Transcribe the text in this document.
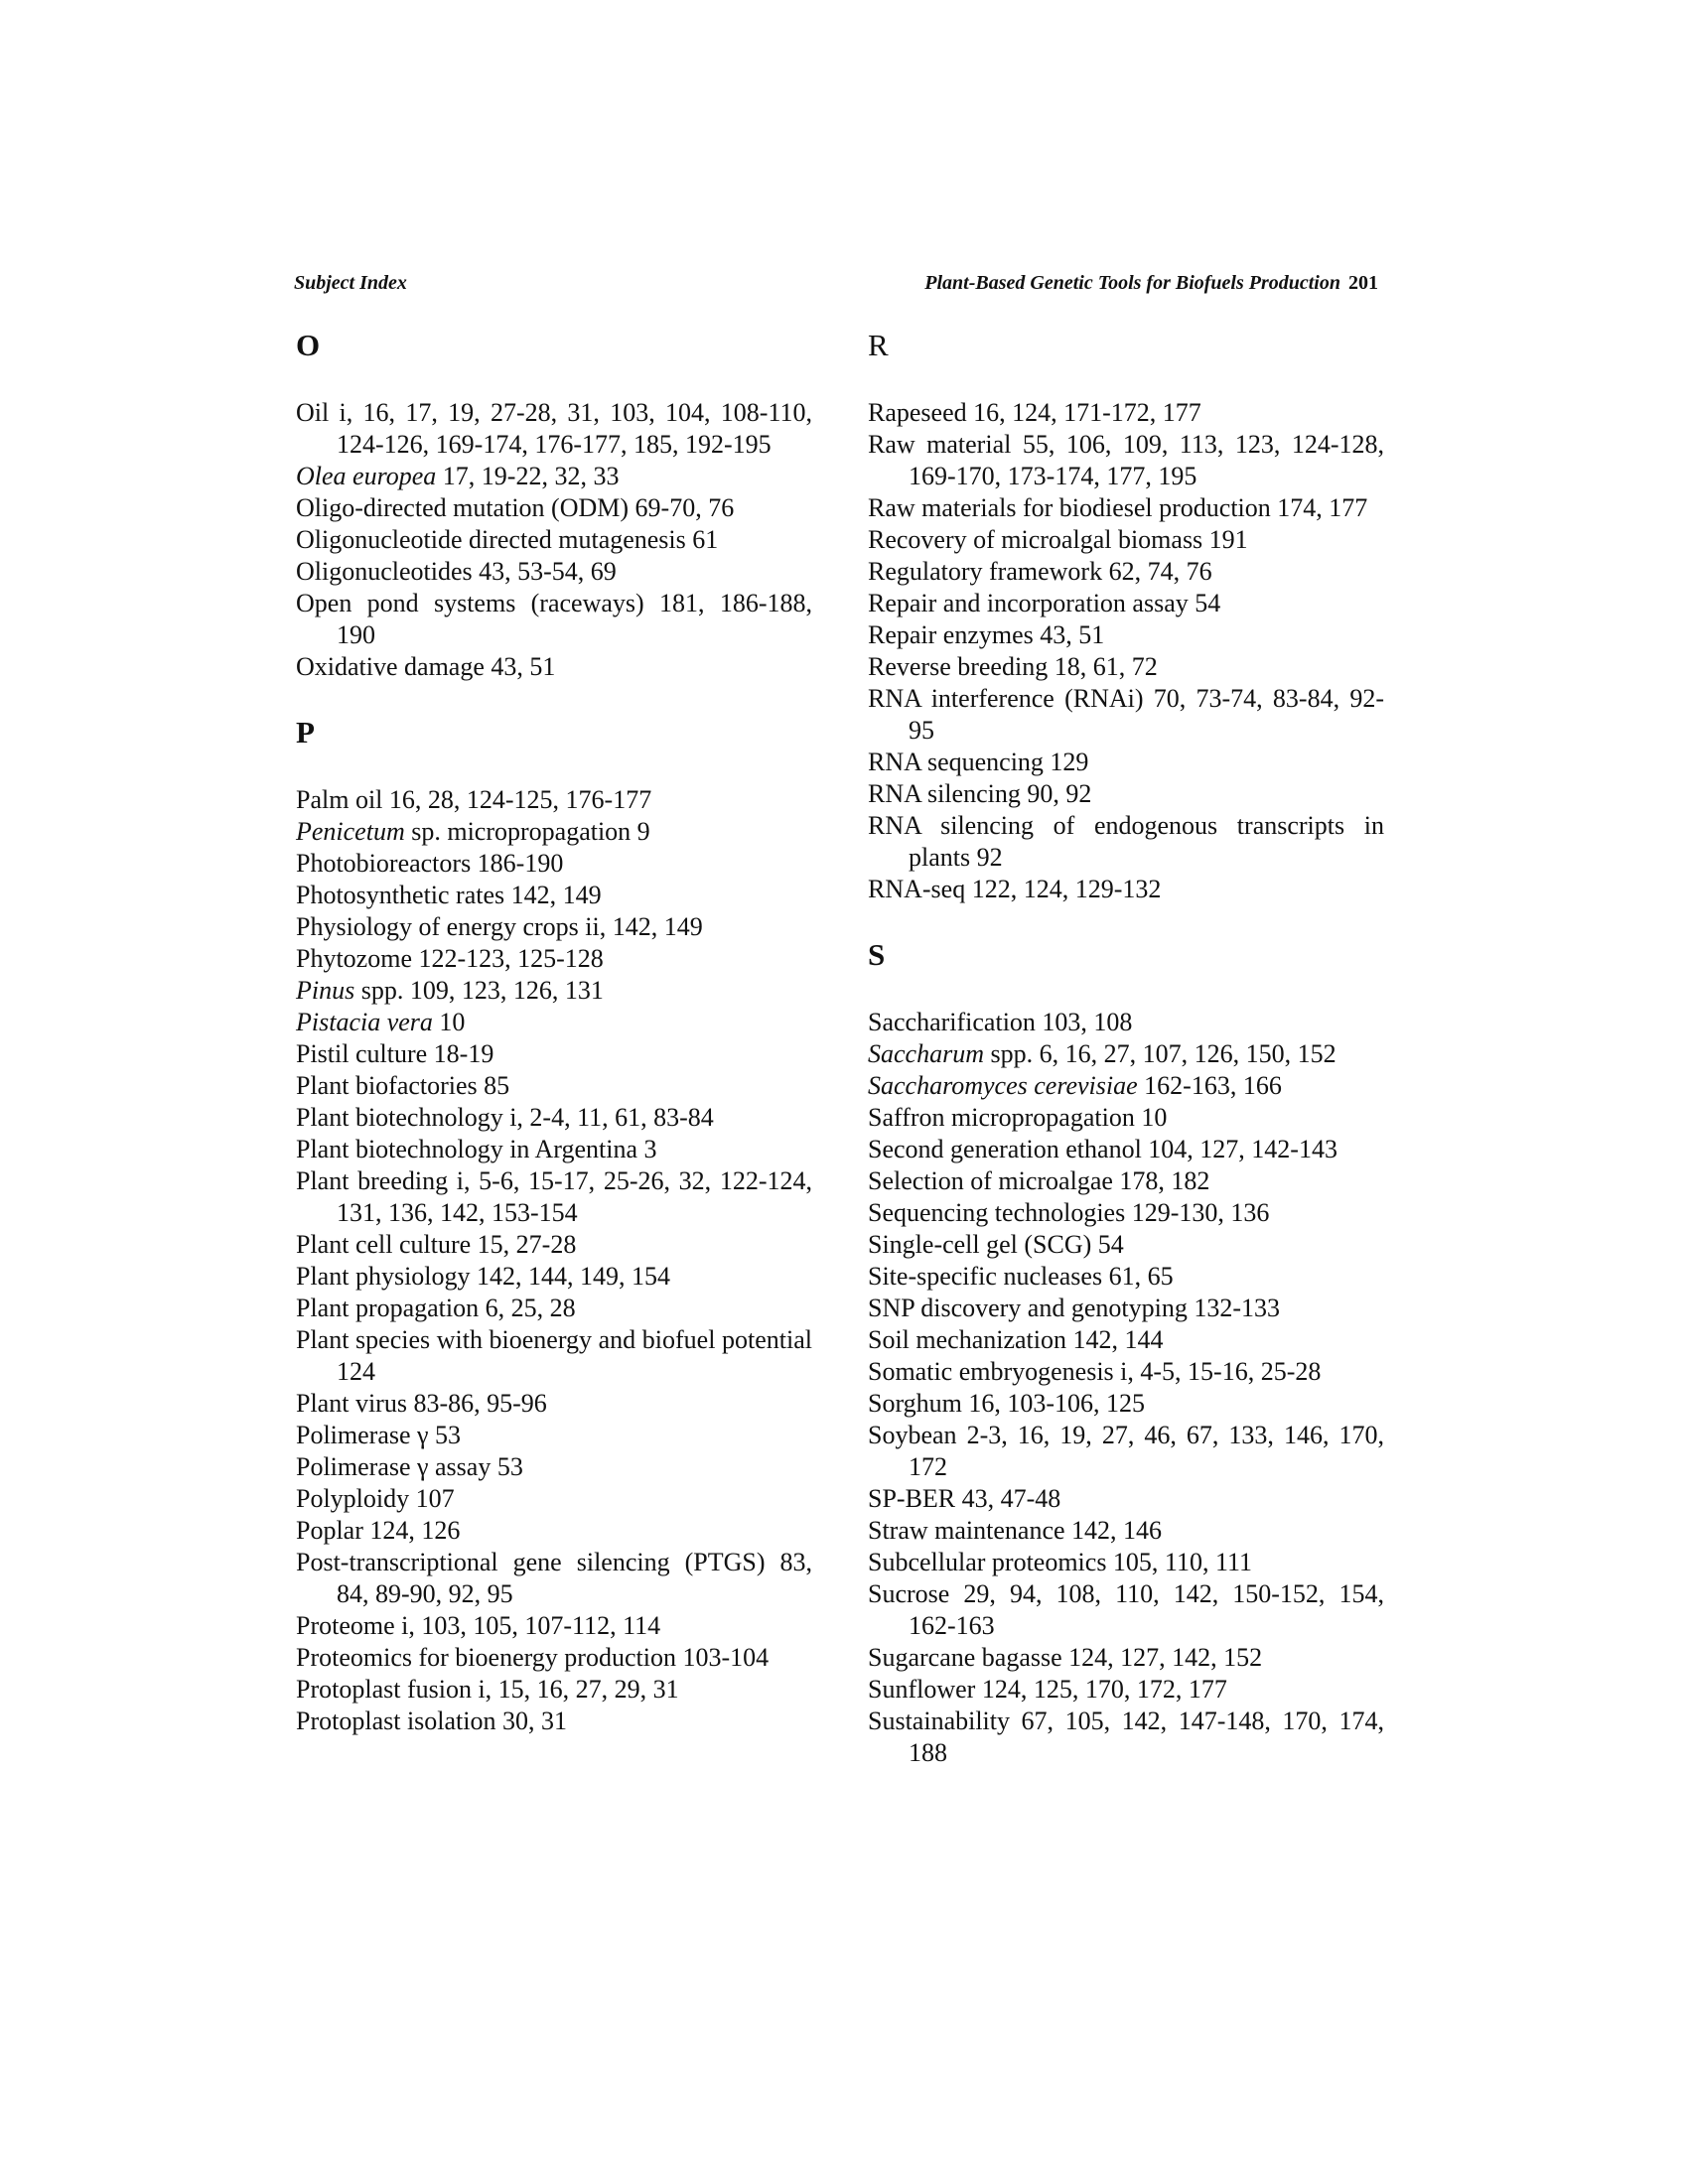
Subject Index	Plant-Based Genetic Tools for Biofuels Production 201
O

Oil i, 16, 17, 19, 27-28, 31, 103, 104, 108-110, 124-126, 169-174, 176-177, 185, 192-195

Olea europea 17, 19-22, 32, 33

Oligo-directed mutation (ODM) 69-70, 76

Oligonucleotide directed mutagenesis 61

Oligonucleotides 43, 53-54, 69

Open pond systems (raceways) 181, 186-188, 190

Oxidative damage 43, 51

P

Palm oil 16, 28, 124-125, 176-177

Penicetum sp. micropropagation 9

Photobioreactors 186-190

Photosynthetic rates 142, 149

Physiology of energy crops ii, 142, 149

Phytozome 122-123, 125-128

Pinus spp. 109, 123, 126, 131

Pistacia vera 10

Pistil culture 18-19

Plant biofactories 85

Plant biotechnology i, 2-4, 11, 61, 83-84

Plant biotechnology in Argentina 3

Plant breeding i, 5-6, 15-17, 25-26, 32, 122-124, 131, 136, 142, 153-154

Plant cell culture 15, 27-28

Plant physiology 142, 144, 149, 154

Plant propagation 6, 25, 28

Plant species with bioenergy and biofuel potential 124

Plant virus 83-86, 95-96

Polimerase γ 53

Polimerase γ assay 53

Polyploidy 107

Poplar 124, 126

Post-transcriptional gene silencing (PTGS) 83, 84, 89-90, 92, 95

Proteome i, 103, 105, 107-112, 114

Proteomics for bioenergy production 103-104

Protoplast fusion i, 15, 16, 27, 29, 31

Protoplast isolation 30, 31

R

Rapeseed 16, 124, 171-172, 177

Raw material 55, 106, 109, 113, 123, 124-128, 169-170, 173-174, 177, 195

Raw materials for biodiesel production 174, 177

Recovery of microalgal biomass 191

Regulatory framework 62, 74, 76

Repair and incorporation assay 54

Repair enzymes 43, 51

Reverse breeding 18, 61, 72

RNA interference (RNAi) 70, 73-74, 83-84, 92-95

RNA sequencing 129

RNA silencing 90, 92

RNA silencing of endogenous transcripts in plants 92

RNA-seq 122, 124, 129-132

S

Saccharification 103, 108

Saccharum spp. 6, 16, 27, 107, 126, 150, 152

Saccharomyces cerevisiae 162-163, 166

Saffron micropropagation 10

Second generation ethanol 104, 127, 142-143

Selection of microalgae 178, 182

Sequencing technologies 129-130, 136

Single-cell gel (SCG) 54

Site-specific nucleases 61, 65

SNP discovery and genotyping 132-133

Soil mechanization 142, 144

Somatic embryogenesis i, 4-5, 15-16, 25-28

Sorghum 16, 103-106, 125

Soybean 2-3, 16, 19, 27, 46, 67, 133, 146, 170, 172

SP-BER 43, 47-48

Straw maintenance 142, 146

Subcellular proteomics 105, 110, 111

Sucrose 29, 94, 108, 110, 142, 150-152, 154, 162-163

Sugarcane bagasse 124, 127, 142, 152

Sunflower 124, 125, 170, 172, 177

Sustainability 67, 105, 142, 147-148, 170, 174, 188
